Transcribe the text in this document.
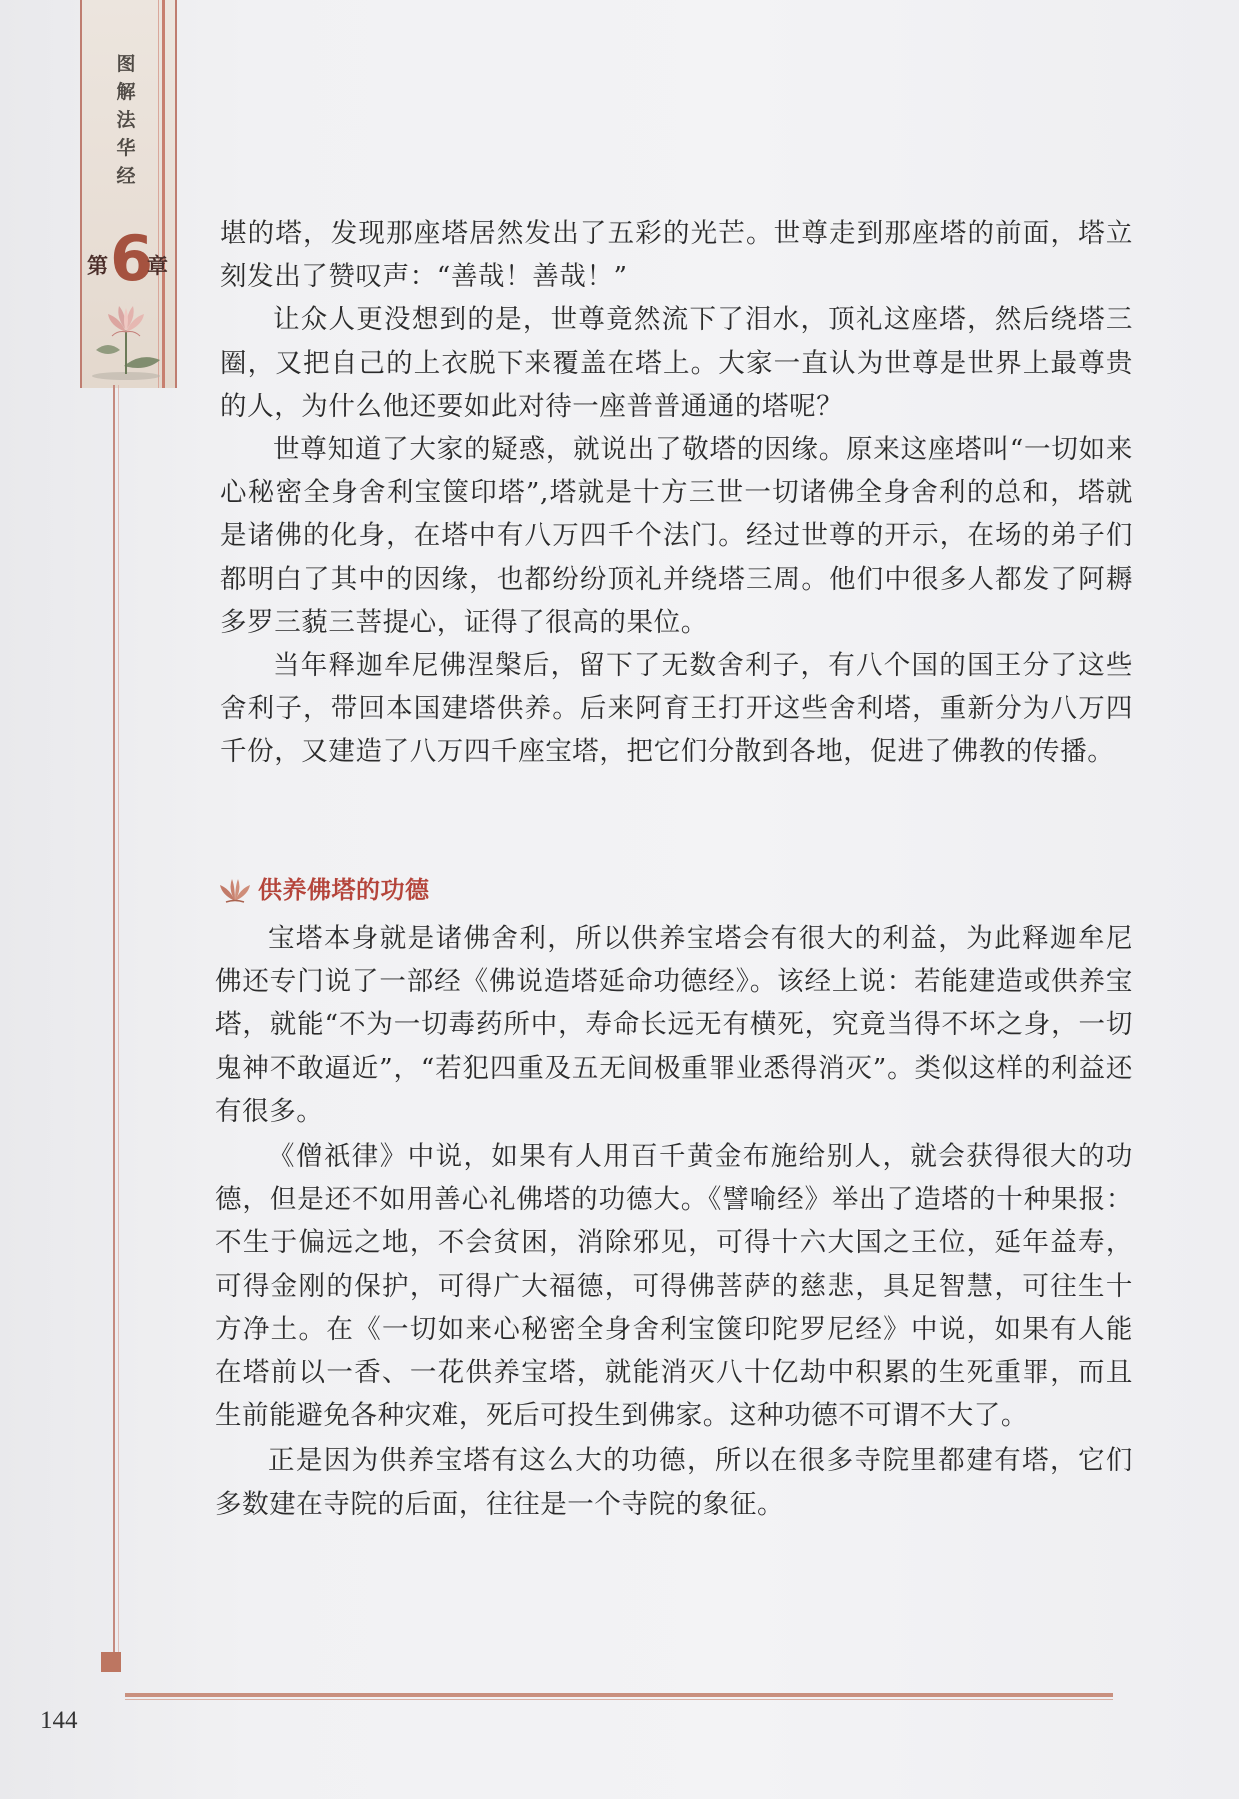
图
解
法
华
经
第 6
章

堪的塔，发现那座塔居然发出了五彩的光芒。世尊走到那座塔的前面，塔立刻发出了赞叹声：“善哉！善哉！”

让众人更没想到的是，世尊竟然流下了泪水，顶礼这座塔，然后绕塔三圈，又把自己的上衣脱下来覆盖在塔上。大家一直认为世尊是世界上最尊贵的人，为什么他还要如此对待一座普普通通的塔呢？

世尊知道了大家的疑惑，就说出了敬塔的因缘。原来这座塔叫“一切如来心秘密全身舍利宝箧印塔”,塔就是十方三世一切诸佛全身舍利的总和，塔就是诸佛的化身，在塔中有八万四千个法门。经过世尊的开示，在场的弟子们都明白了其中的因缘，也都纷纷顶礼并绕塔三周。他们中很多人都发了阿耨多罗三藐三菩提心，证得了很高的果位。

当年释迦牟尼佛涅槃后，留下了无数舍利子，有八个国的国王分了这些舍利子，带回本国建塔供养。后来阿育王打开这些舍利塔，重新分为八万四千份，又建造了八万四千座宝塔，把它们分散到各地，促进了佛教的传播。

供养佛塔的功德

宝塔本身就是诸佛舍利，所以供养宝塔会有很大的利益，为此释迦牟尼佛还专门说了一部经《佛说造塔延命功德经》。该经上说：若能建造或供养宝塔，就能“不为一切毒药所中，寿命长远无有横死，究竟当得不坏之身，一切鬼神不敢逼近”，“若犯四重及五无间极重罪业悉得消灭”。类似这样的利益还有很多。

《僧祇律》中说，如果有人用百千黄金布施给别人，就会获得很大的功德，但是还不如用善心礼佛塔的功德大。《譬喻经》举出了造塔的十种果报：不生于偏远之地，不会贫困，消除邪见，可得十六大国之王位，延年益寿，可得金刚的保护，可得广大福德，可得佛菩萨的慈悲，具足智慧，可往生十方净土。在《一切如来心秘密全身舍利宝箧印陀罗尼经》中说，如果有人能在塔前以一香、一花供养宝塔，就能消灭八十亿劫中积累的生死重罪，而且生前能避免各种灾难，死后可投生到佛家。这种功德不可谓不大了。

正是因为供养宝塔有这么大的功德，所以在很多寺院里都建有塔，它们多数建在寺院的后面，往往是一个寺院的象征。

144
